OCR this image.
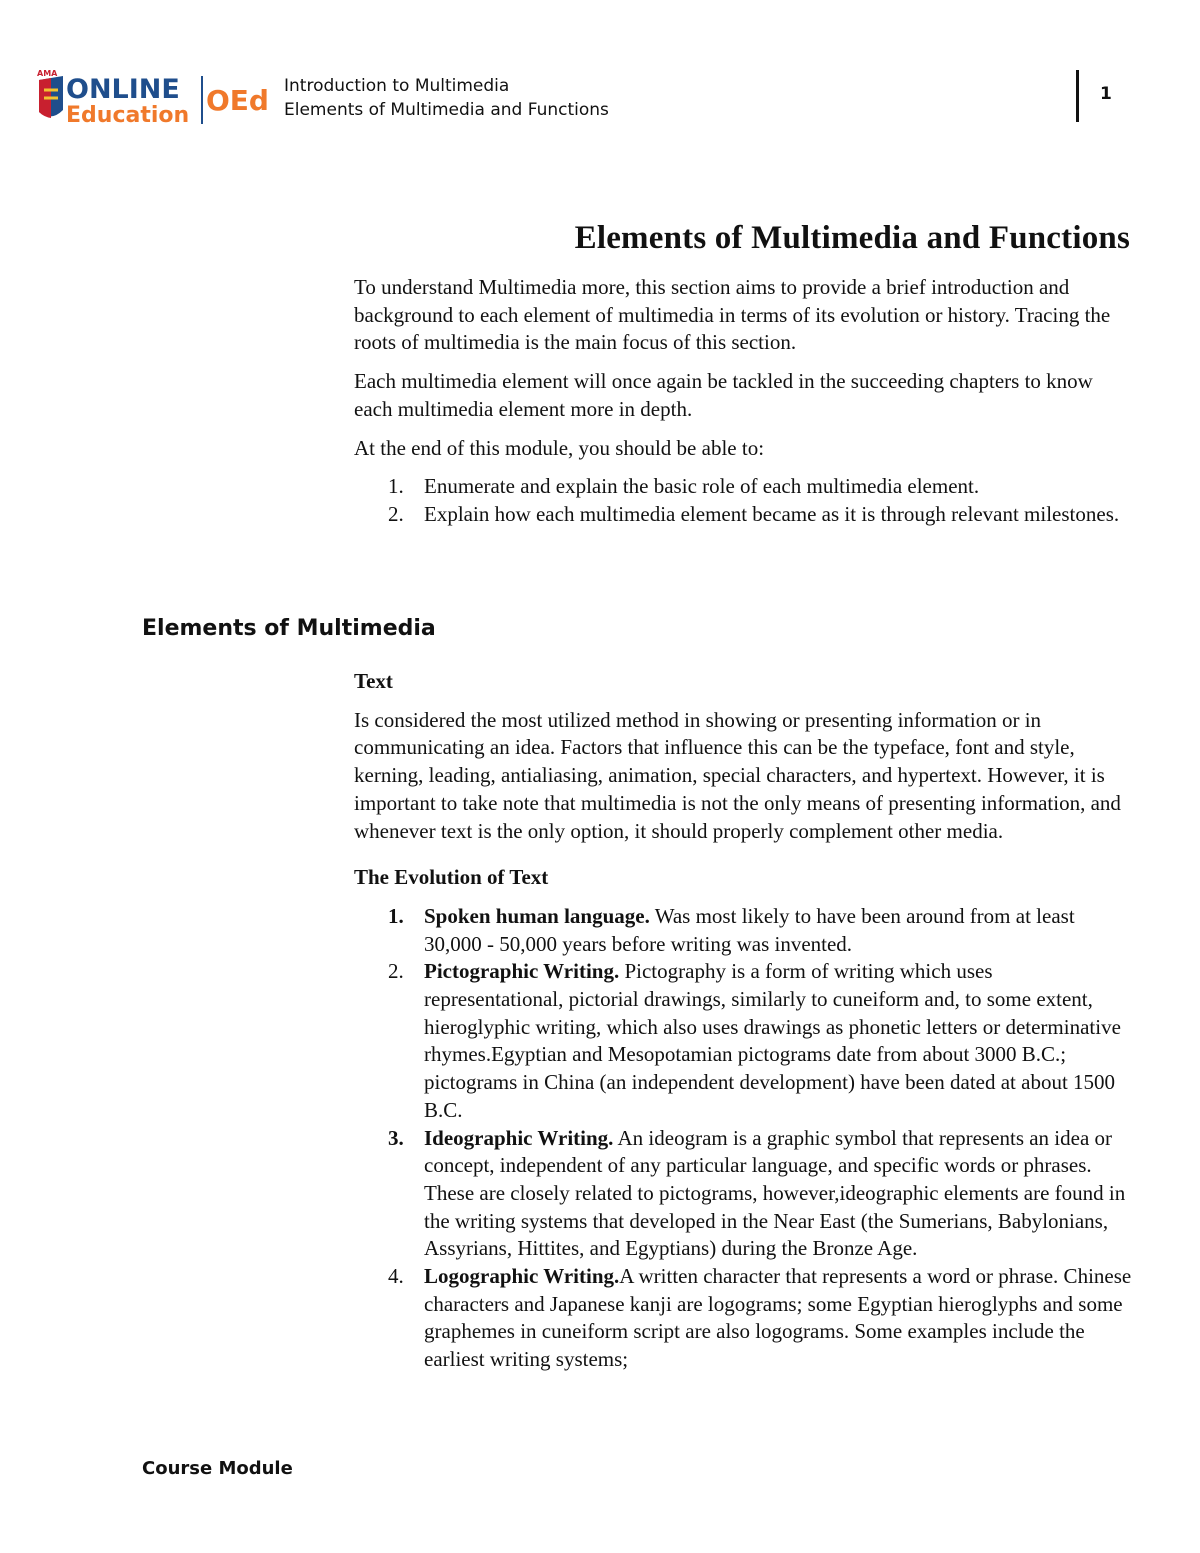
AMA
ONLINE
Education OEd Introduction to Multimedia
Elements of Multimedia and Functions
1
Elements of Multimedia and Functions

To understand Multimedia more, this section aims to provide a brief introduction and background to each element of multimedia in terms of its evolution or history. Tracing the roots of multimedia is the main focus of this section.

Each multimedia element will once again be tackled in the succeeding chapters to know each multimedia element more in depth.

At the end of this module, you should be able to:

1. Enumerate and explain the basic role of each multimedia element.
2. Explain how each multimedia element became as it is through relevant milestones.
Elements of Multimedia
Text

Is considered the most utilized method in showing or presenting information or in communicating an idea. Factors that influence this can be the typeface, font and style, kerning, leading, antialiasing, animation, special characters, and hypertext. However, it is important to take note that multimedia is not the only means of presenting information, and whenever text is the only option, it should properly complement other media.

The Evolution of Text
1. Spoken human language. Was most likely to have been around from at least 30,000 - 50,000 years before writing was invented.
2. Pictographic Writing. Pictography is a form of writing which uses representational, pictorial drawings, similarly to cuneiform and, to some extent, hieroglyphic writing, which also uses drawings as phonetic letters or determinative rhymes.Egyptian and Mesopotamian pictograms date from about 3000 B.C.; pictograms in China (an independent development) have been dated at about 1500 B.C.
3. Ideographic Writing. An ideogram is a graphic symbol that represents an idea or concept, independent of any particular language, and specific words or phrases. These are closely related to pictograms, however,ideographic elements are found in the writing systems that developed in the Near East (the Sumerians, Babylonians, Assyrians, Hittites, and Egyptians) during the Bronze Age.
4. Logographic Writing.A written character that represents a word or phrase. Chinese characters and Japanese kanji are logograms; some Egyptian hieroglyphs and some graphemes in cuneiform script are also logograms. Some examples include the earliest writing systems;
Course Module
